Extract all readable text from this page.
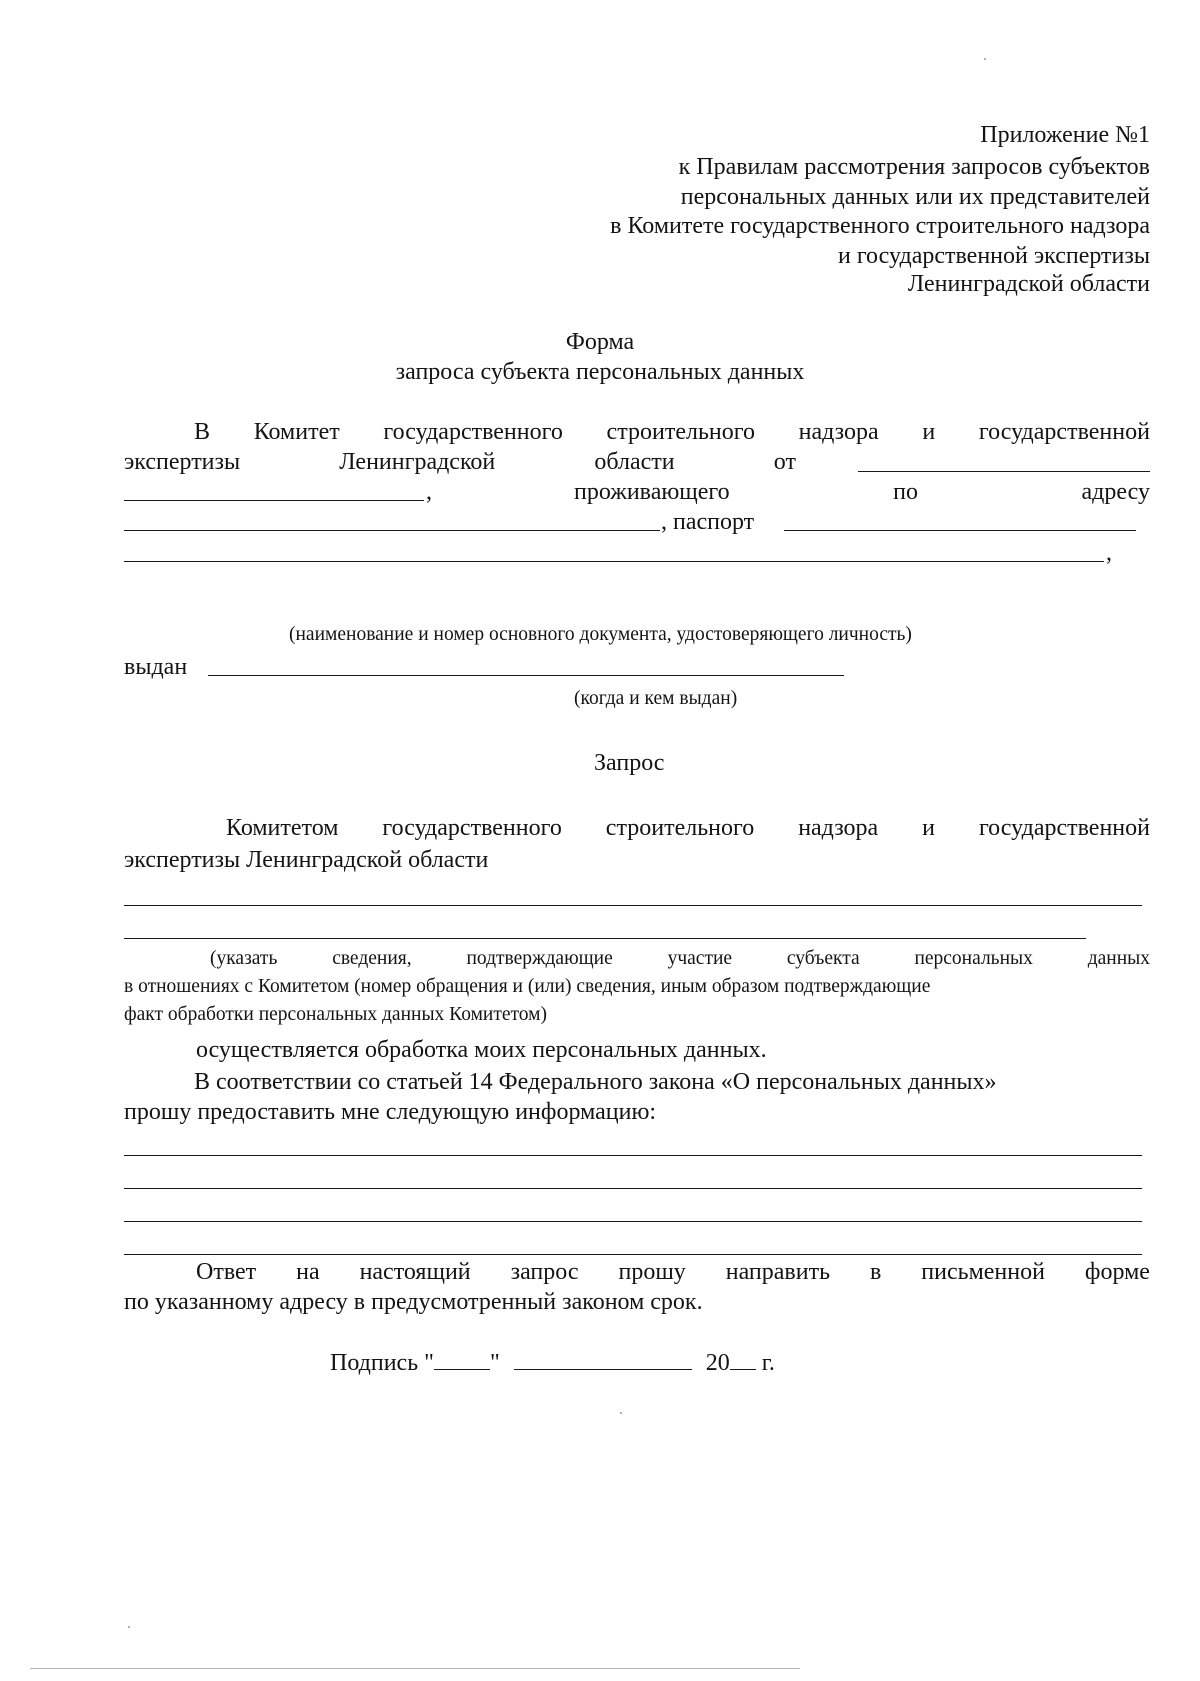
Приложение №1
к Правилам рассмотрения запросов субъектов
персональных данных или их представителей
в Комитете государственного строительного надзора
и государственной экспертизы
Ленинградской области
Форма
запроса субъекта персональных данных
В Комитет государственного строительного надзора и государственной
экспертизы	Ленинградской	области	от
,	проживающего	по	адресу
, паспорт
,
(наименование и номер основного документа, удостоверяющего личность)
выдан
(когда и кем выдан)
Запрос
Комитетом государственного строительного надзора и государственной
экспертизы Ленинградской области
(указать	сведения,	подтверждающие	участие	субъекта	персональных	данных
в отношениях с Комитетом (номер обращения и (или) сведения, иным образом подтверждающие
факт обработки персональных данных Комитетом)
осуществляется обработка моих персональных данных.
В соответствии со статьей 14 Федерального закона «О персональных данных»
прошу предоставить мне следующую информацию:
Ответ на настоящий запрос прошу направить в письменной форме
по указанному адресу в предусмотренный законом срок.
Подпись " "	20 г.
